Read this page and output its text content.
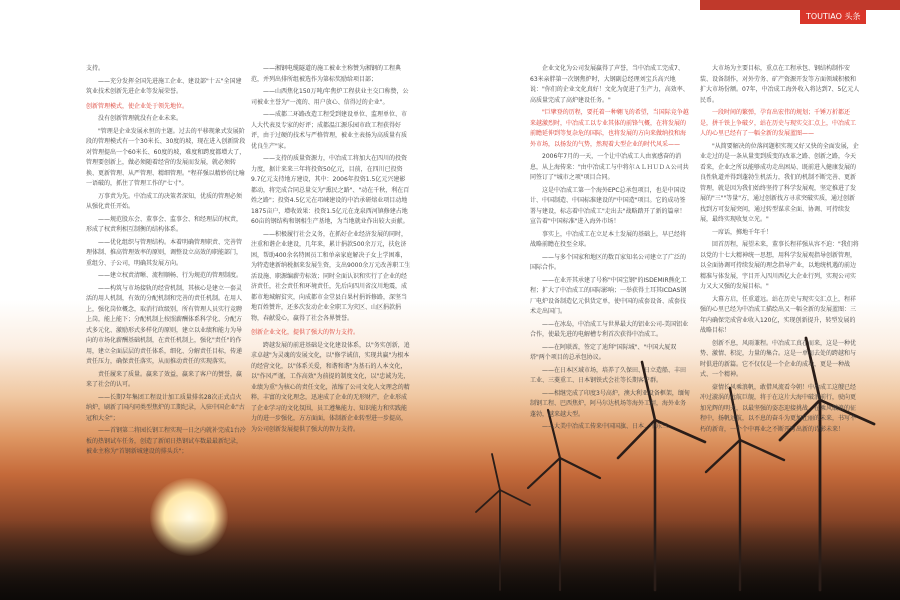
TOUTIAO 头条

支持。

——充分发挥全国先进施工企业、建设部"十五"全国建筑业技术创新先进企业等发展荣誉。

创新管理模式，使企业处于领先地位。

没有创新管理就没有企业未来。

"管理是企业发展永恒的主题。过去的平移现象式发展阶段的管理模式有一个30米长、30度的坡，现在进入创新阶段对管理提出一个60米长、60度的坡，难度和跨度都增大了，管理要创新上，做必须随着经营的发展而发展，就必须转换、更新管理、从严管理、精细管理。"程祥强以精妙的比喻一语破的，抓住了管理工作的"七寸"。

万事责为先。中冶成工的决策者深知，优质的管理必须从强化责任开始。

——规范股东会、董事会、监事会、和经理层的权责，形成了权责利相互制衡的结构体系。

——优化组织与管理结构。本着明确管理职责、完善管理体制、推高管理效率的原则，调整设立高效的职能部门，重组分、子公司，明确其发展方向。

——建立权责清晰、流程顺畅、行为规范的管理制度。

——构筑与市场接轨的经营机制，其核心是建立一套灵活的用人机制，有效的分配机制和完善的责任机制。在用人上，强化岗位概念，取消行政级别，所有管理人员实行竞聘上岗，能上能下；分配机制上按照薪酬体系科学化、分配方式多元化、激励形式多样化的原则，建立以业绩和能力为导向的市场化薪酬基础机制，在责任机制上，强化"责任"的作用，建立全面层层的责任体系，细化、分解责任目标，传递责任压力，确保责任落实，从而推动责任的实现落实。

责任履来了质量。赢来了效益，赢来了客户的赞誉，赢来了社会的认可。

——长期7年集团工程设计加工质量排名28次正式点火纳炉，刷新了国内同类型焦炉的工期纪录，入驻中国企业"古冠和大全"；

——首钢第二将园长钢工程实现一日之内就补完成1台冷板的热钢试车任务，创造了新闻日热钢试车数最最新纪录，被业主称为"首钢新城建设的排头兵"；

——湘钢电缆隧道的施工被业主称赞为湘钢的工程典范，并列出排所组被选作为第标奖励给项目部；

——山西焦化150万吨/年焦炉工程获业主交口称赞，公司被业主誉为"一流的、用户放心、信得过的企业"。

——成都二环路改造工程受到建设单位、监理单位、市人大代表及专家的好评；成都温江源乐园市政工程获得好评，由于过硬的技术与严格管理，被业主表扬为高质量有质优良生产"家。

——支持的质量资源力，中冶成工将加大在四川的投资力度，据计来来三年将投资50亿元，目前，在四川已投资9.7亿元支持地方建设，其中：2006年投资1.5亿元兴建影都动，将完成合同总量交为"熏民之路"、"动在千秋，利在百姓之路"；投资4.5亿元在邛崃建设的中冶承研熔业项目动地1875亩户，增收效果：投资1.5亿元在龙泉西河镇修建占地60亩的钢结构和钢相生产基地，为当地就业作出较大贡献。

——积极履行社会义务，在抓好企业经济发展的同时，注重和谐企业建设，几年来，累计捐款500余万元，扶危济困，帮助400余名特困员工和单亲家庭解决子女上学困难，为特造建新纳税据来发展生资，支出9000余万元改善职工生活设施、职源编薪劳标效；同时全面认识和实行了企业的经济责任，社会责任和环境责任，先后向四川省汶川地震，成都市地城解贫灾，向成都市金堂县白果村捐诉修路，深坚当地百姓赞许，还多次发动企业全职工为灾区、山区捐款捐物，春献爱心，赢得了社会各界赞誉。

创新企业文化，提供了强大的智力支持。

跨越发展的前进基础是文化建设体系，以"务实创新，追求卓越"为灵魂的发展文化，以"修学诚信，实现共赢"为根本的经营文化，以"体系关爱，和谐和谐"为基石的人本文化，以"作风严谨，工作高效"为前提的制度文化，以"忠诚为先，业绩为重"为核心的责任文化，浓缩了公司文化人文理念的精粹，丰富的文化理念，迅速成了企业的无形财产，企业形成了企业学习的文化氛围，员工遵集能力、知识能力和实践能力的进一步强化，方方面面，体制新企业转型进一步提高，为公司创新发展提供了强大的智力支持。

企业文化为公司发展赢得了声誉，当中冶成工完成7、63米亲胖第一次钢焦炉时，大钢副总经理刘宝兵高兴地说："你们的企业文化真好！文化为促进了生产力，高效率、高质量完成了高炉建设任务。"

"巨擘登的历程，要托着一种翱飞的希望，当国际竞争越来越激烈时，中冶成工以专业其体的前锋气概，在将发展的前瞻延伸到等复杂危的国际，也将发展的方向来做纳投和海外市场，以扬发的气势，然现着大型企业的时代风采——

2006年7月的一天，一个让中冶成工人由衷感奋的消息，从上海传来："由中冶成工与中将尔ＡＬＨＵＤＡ公司共同签订了"城市之项"项目合同。

这是中冶成工第一个海外EPC总承包项目，也是中国设计、中国制造、中国标准建设的"中国造"项目。它的成功签署与建设，标志着中冶成工"走出去"战略踏开了新的篇章！宣告着"中国标准"进入海外市场！

事实上，中冶成工在立足本土发展的基础上，早已经将战略前瞻在投至全球。

——与多个国家和地区的数百家知名公司建立了广泛的国际合作。

——在业开其承建了号称"中国宝钢"的ISDEMIR熊化工程；扩大了中冶成工的国际影响；一举获得土耳其ICDAS钢厂电炉设备制造亿元供货定单，使中国的成套设备、成套技术走出国门。

——在冰岛，中冶成工与世界最大的铝业公司-美国铝业合作，使最先进的电解槽专利首次获得中冶成工。

——在阿联酋，签定了迪拜"国际城"、"中国大厦双塔"两个项目的总承包协议。

——在日本区域市场，培养了久保田、日立造船、丰田工业、三菱重工、日本钢铁式会社等长期客户群。

——相继完成了印度3号高炉，澳大利亚设备框架，缅甸制钢工程、巴西焦炉，阿马尔达机场等海外工程，海外业务蓬勃，越来越大型。

——大美中冶成工传来中国国旗、日本、中东三

大市场为主要目标，重点在工程承包、钢结构制作安装、设备制作，对外劳务、矿产资源开发等方面领域积极和扩大市场份额。07年，中冶成工海外收入将达到7、5亿元人民币。

一段时间的繁弹，孕育出宏伟的规划；千锤万折都还是，拼千铁上争破夕，站在历史与现实交汇点上，中冶成工人的心里已经有了一幅全新的发展蓝图——

"从简要解决的位落问题积实现又好又快的全面发展，企业走过的是一条从量变到质变的改革之路、创新之路，今天看来，企业之所以能够成功走出困局、既前进入健康发展的良性轨道并得到蓬勃生机活力，我们的机制不断完善、更新管理，就是因为我们始终坚持了科学发展观，坚定推进了发展的"三""等量"方，通过创新找方寻求突破实质，通过创新找到方可发展突问，通过转型谋求全面、协调、可持续发展，最终实现收复立光。"

一席话，掷地千年千！

回首历程，展望未来，董事长程祥强从容不迫："我们将以党的十七大精神统一思想，用科学发展观指导创新管理，以全面协调可持续发展的理念指导产业，以地统机遇的前边精准与体发展，宇目开入四川西亿大企业行列，实现公司实力又大又强的发展目标。"

大幕方启，任重道远。站在历史与现实交汇点上，程祥强的心里已经为中冶成工描绘出又一幅全新的发展蓝图：三年内确保完成营业收入120亿，实现创新提升，转型发展的战略目标！

创新不息，风雨兼程。中冶成工真在而来，这是一种优势、激情、积淀，力量的集合。这是一单而去处的跨越和与时俱进的新篇。它不仅仅是一个企业的成功，更是一种战式、一个精神。

豪情长风乘浪帆，敢借风流看今朝！中冶成工这艘已经冲过漩涡的远航巨舰，将于在这片大海中破浪前行，驶向更加光辉的明天，以最坚强的姿态迎接挑战，在乘风破浪的征程中，扬帆远航，以不息的奋斗为更加壮丽的未来，书写不朽的新奇，一个个中再业之不断开写出新的诗影未来！
